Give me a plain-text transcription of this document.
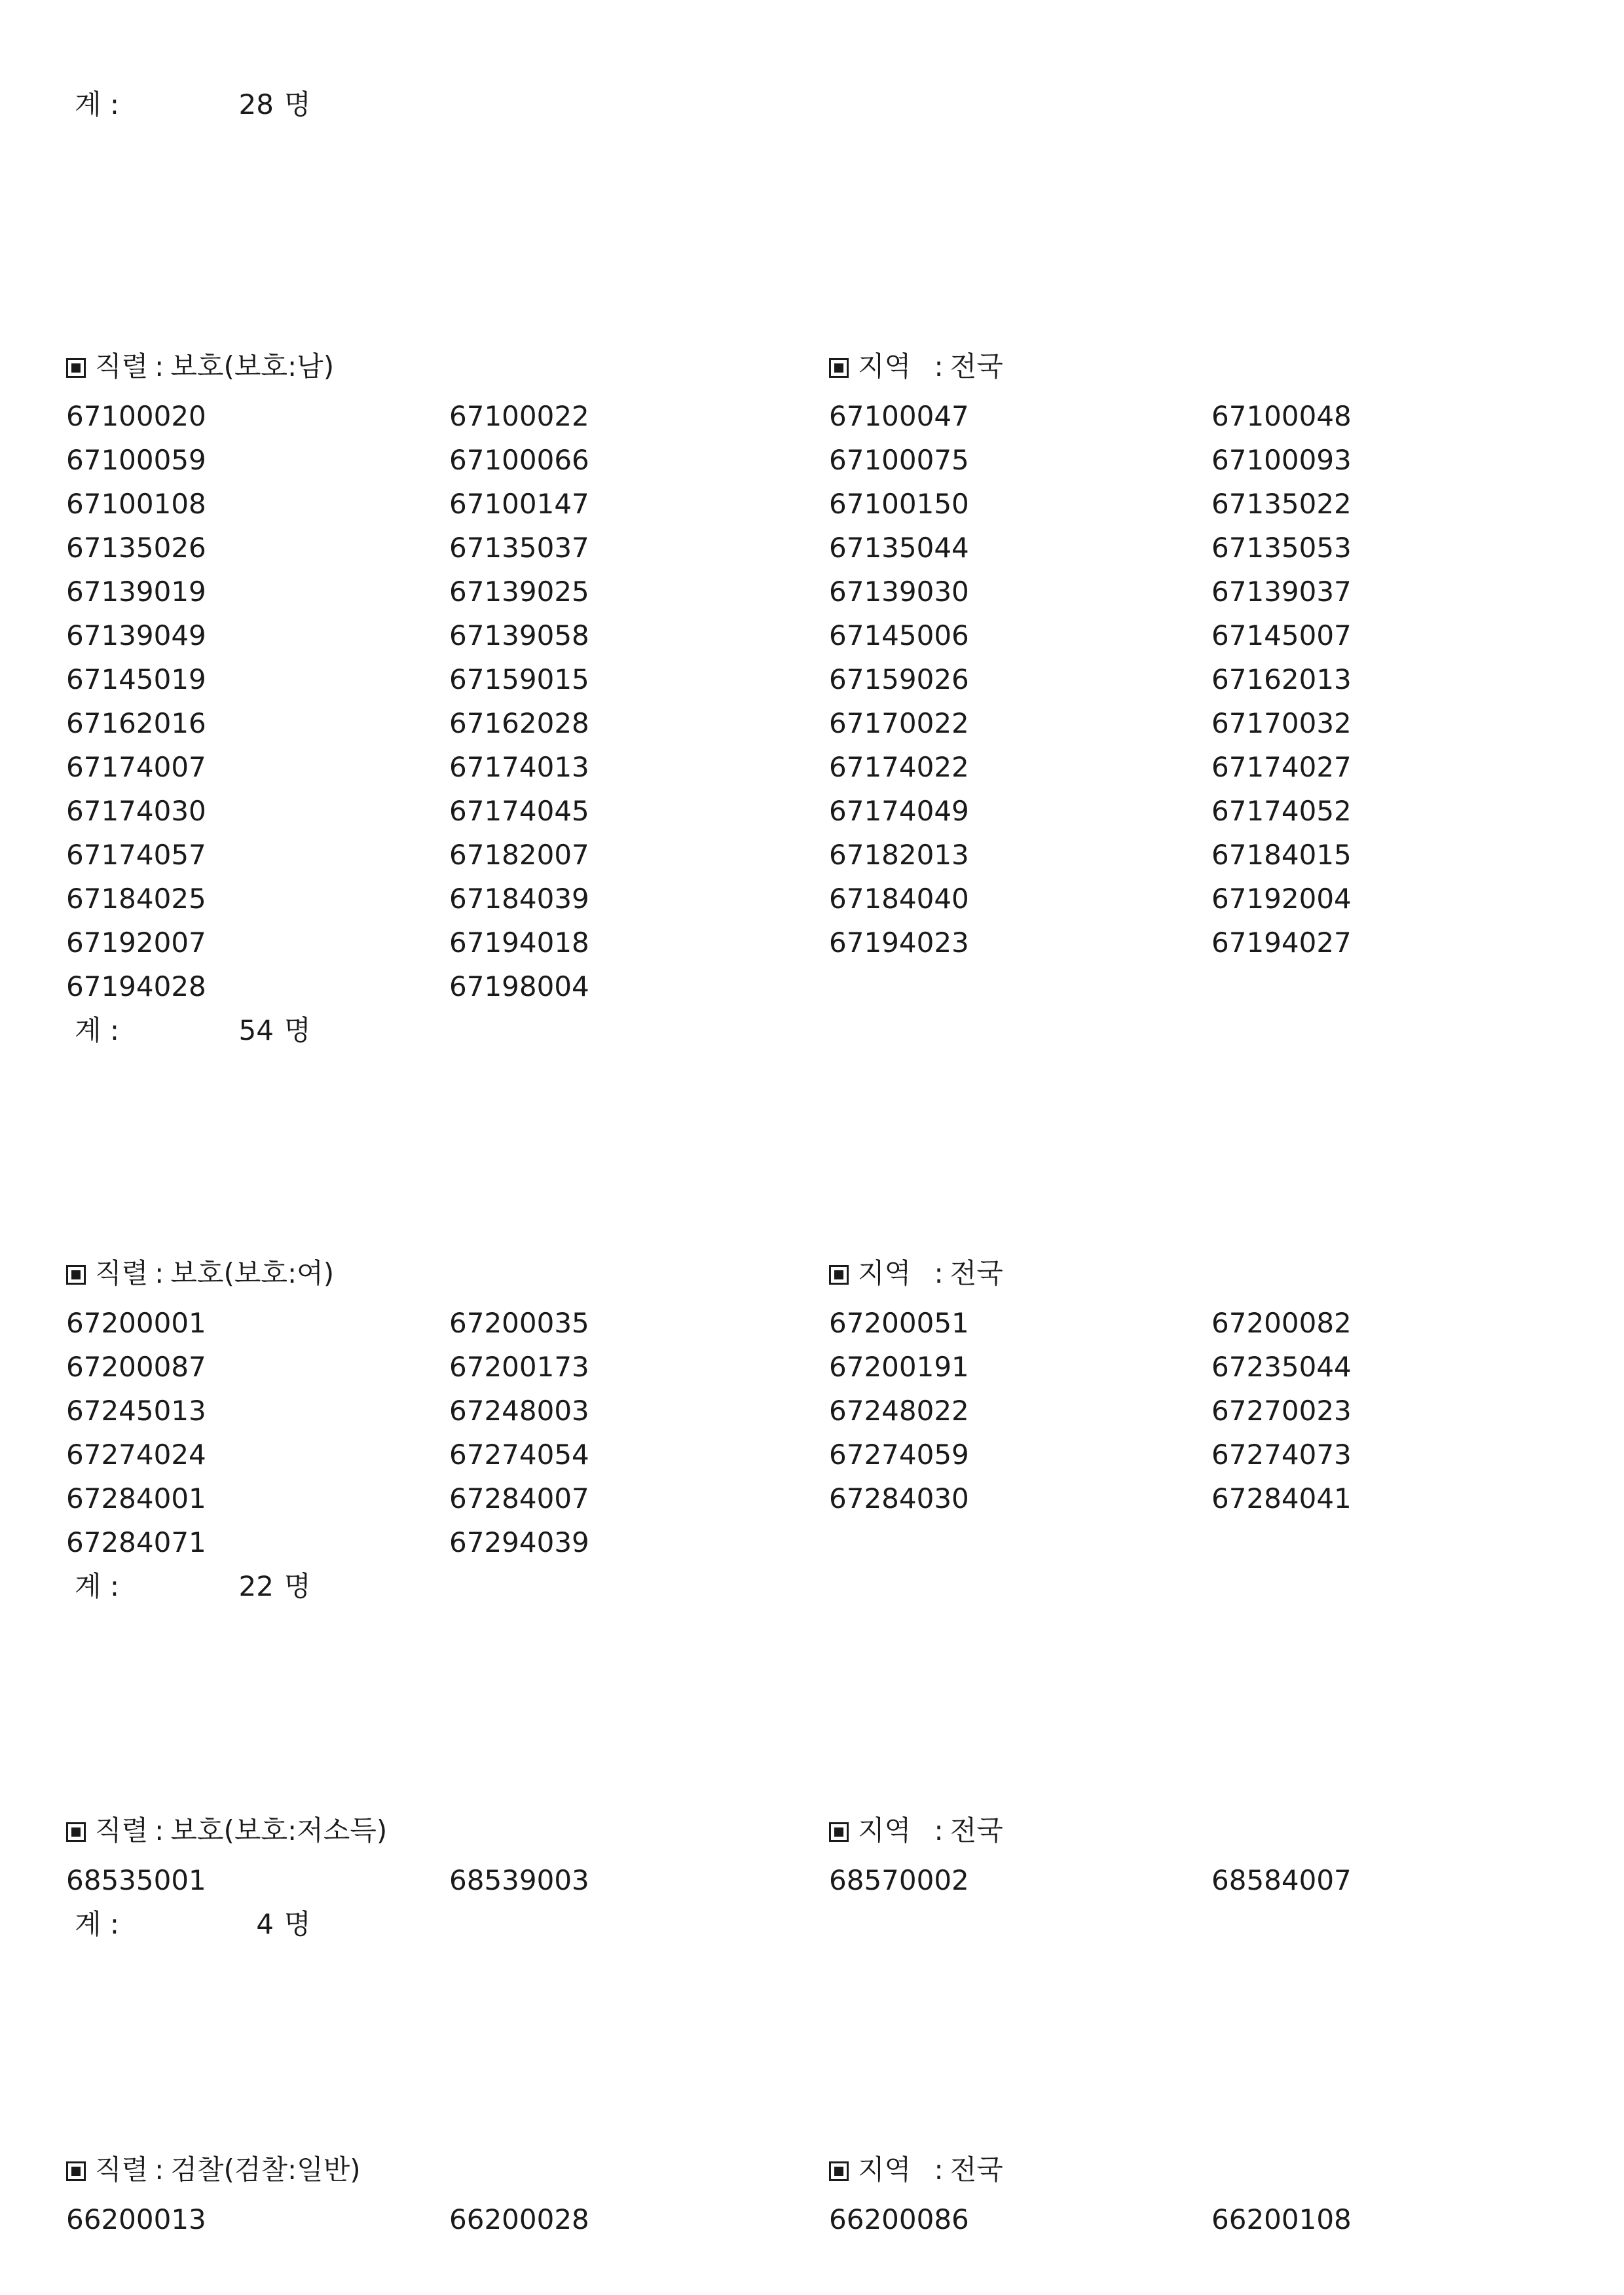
계 :	28 명
직렬 : 보호(보호:남)	지역 : 전국
67100020	67100022	67100047	67100048
67100059	67100066	67100075	67100093
67100108	67100147	67100150	67135022
67135026	67135037	67135044	67135053
67139019	67139025	67139030	67139037
67139049	67139058	67145006	67145007
67145019	67159015	67159026	67162013
67162016	67162028	67170022	67170032
67174007	67174013	67174022	67174027
67174030	67174045	67174049	67174052
67174057	67182007	67182013	67184015
67184025	67184039	67184040	67192004
67192007	67194018	67194023	67194027
67194028	67198004
계 :	54 명
직렬 : 보호(보호:여)	지역 : 전국
67200001	67200035	67200051	67200082
67200087	67200173	67200191	67235044
67245013	67248003	67248022	67270023
67274024	67274054	67274059	67274073
67284001	67284007	67284030	67284041
67284071	67294039
계 :	22 명
직렬 : 보호(보호:저소득)	지역 : 전국
68535001	68539003	68570002	68584007
계 :	4 명
직렬 : 검찰(검찰:일반)	지역 : 전국
66200013	66200028	66200086	66200108
